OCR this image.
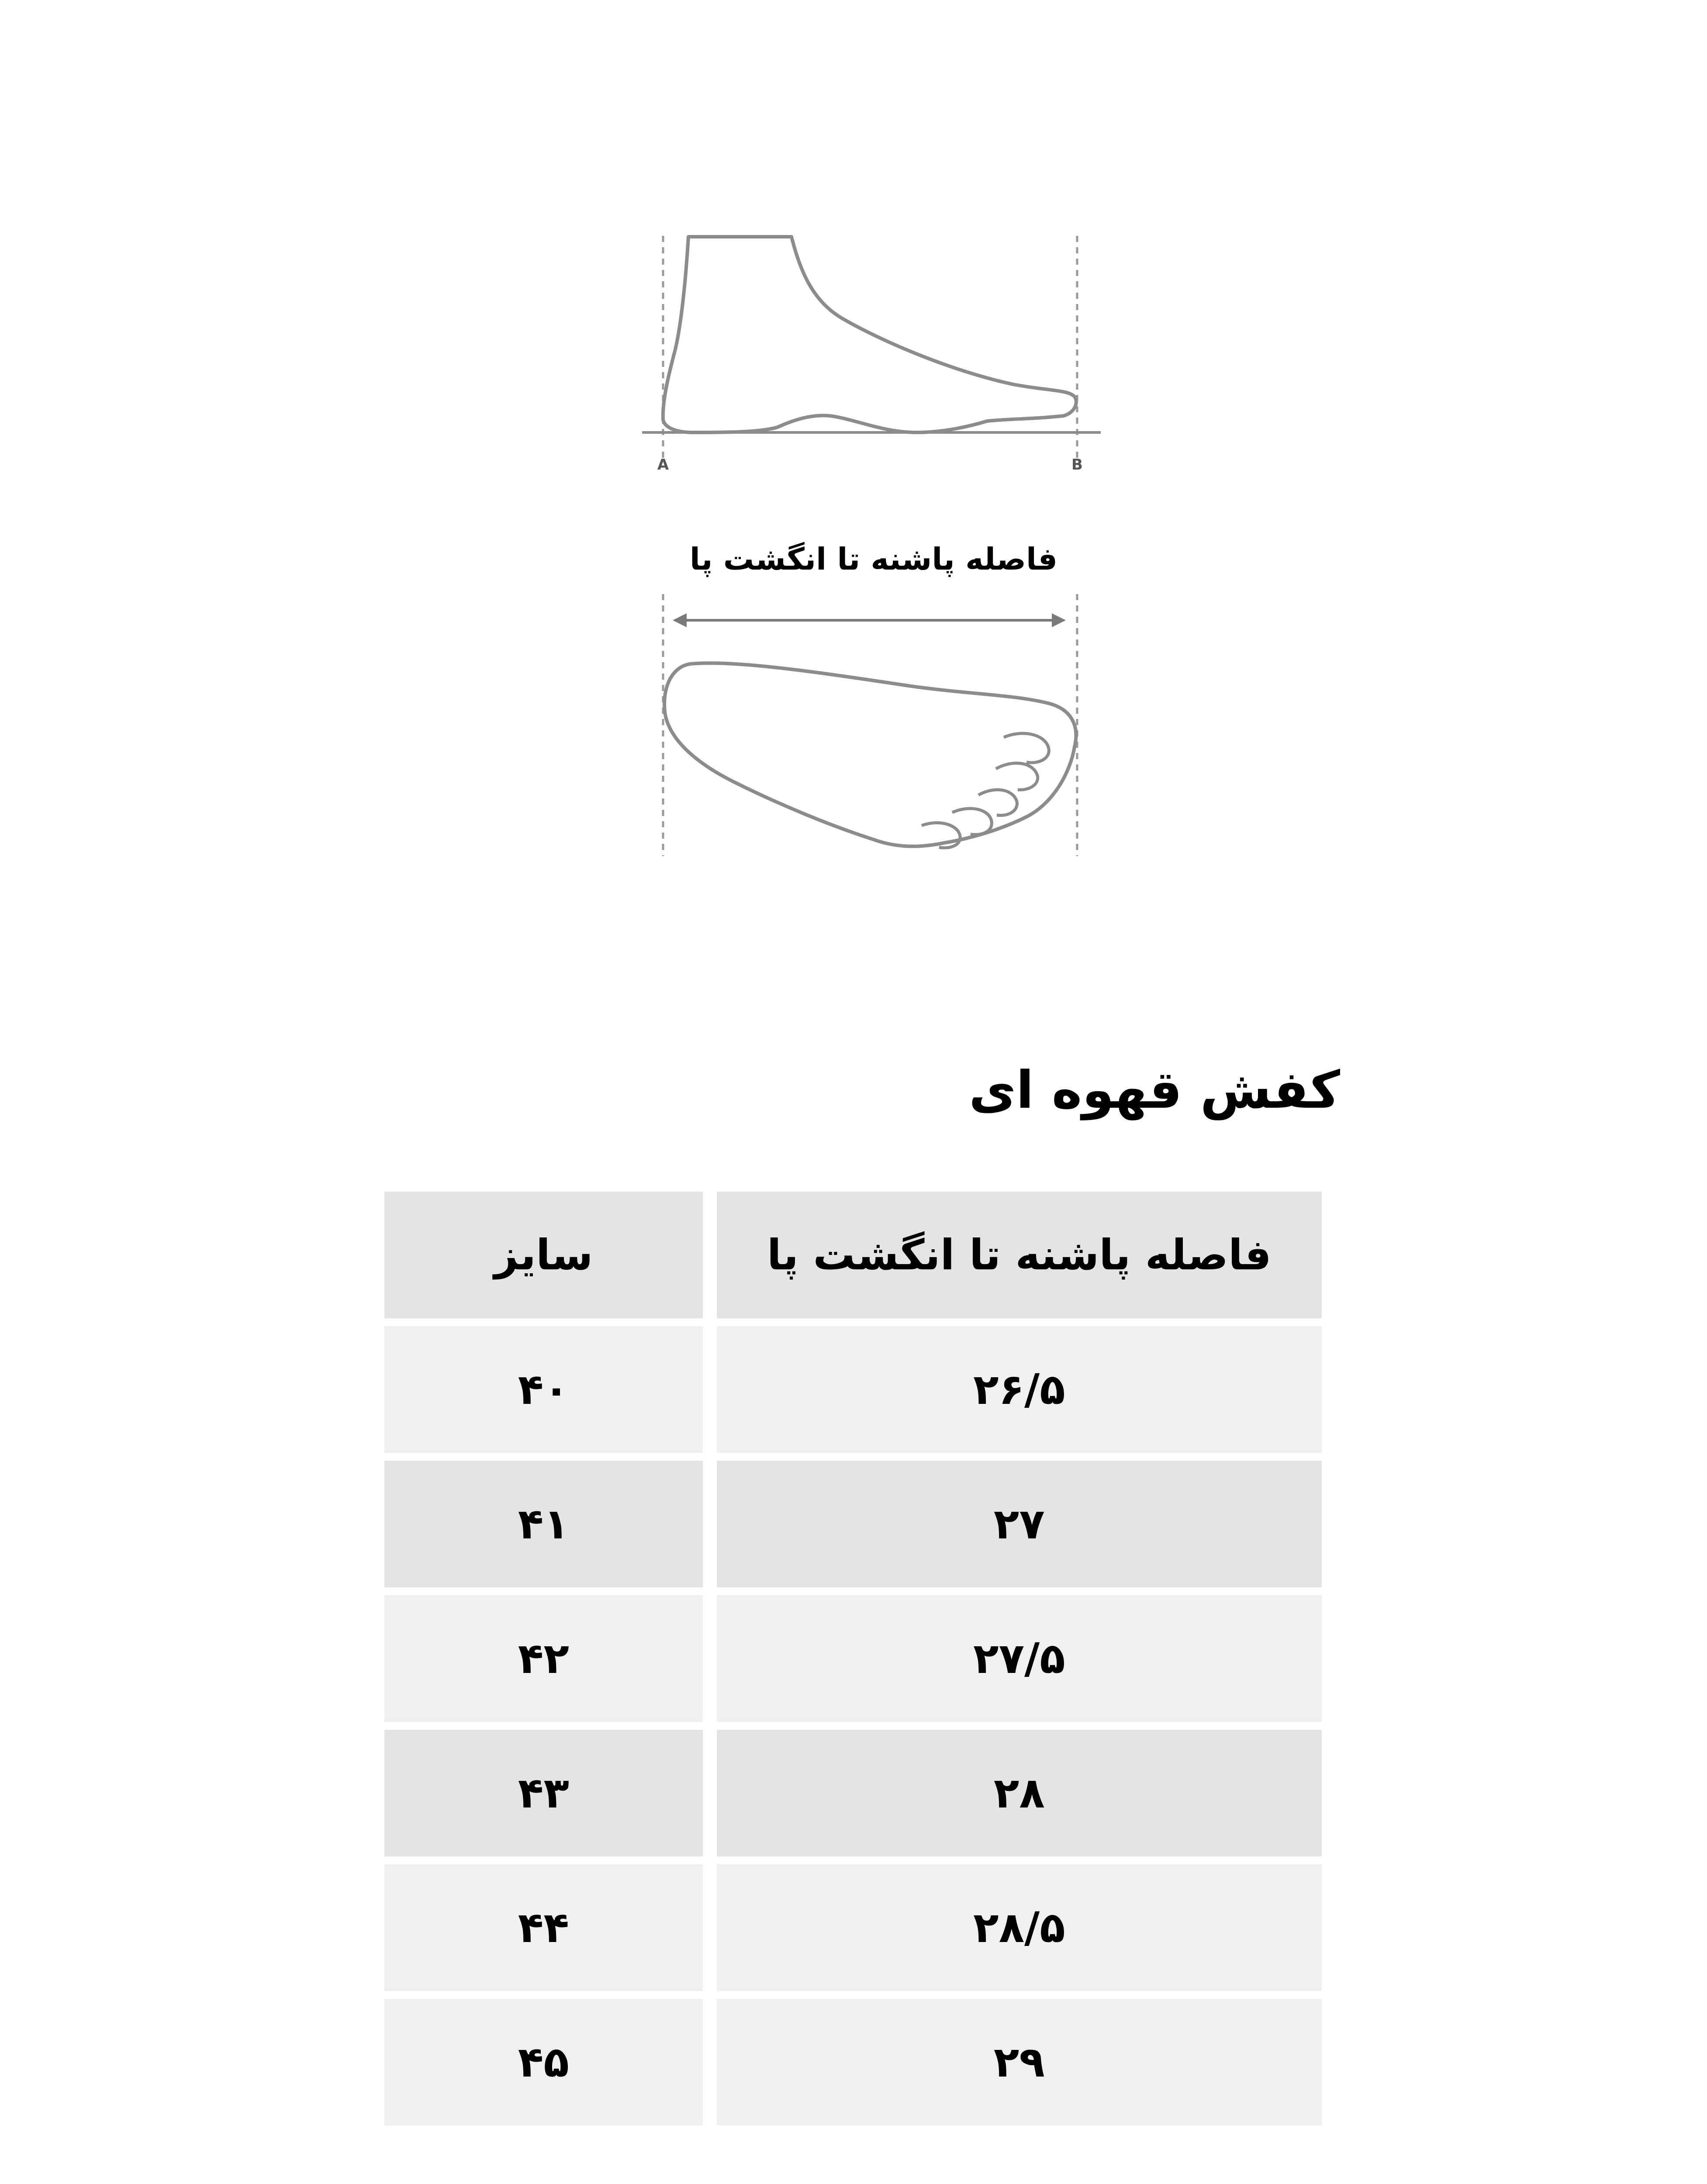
A	B
فاصله پاشنه تا انگشت پا
کفش قهوه ای
سایز	فاصله پاشنه تا انگشت پا
۴۰	۲۶/۵
۴۱	۲۷
۴۲	۲۷/۵
۴۳	۲۸
۴۴	۲۸/۵
۴۵	۲۹
